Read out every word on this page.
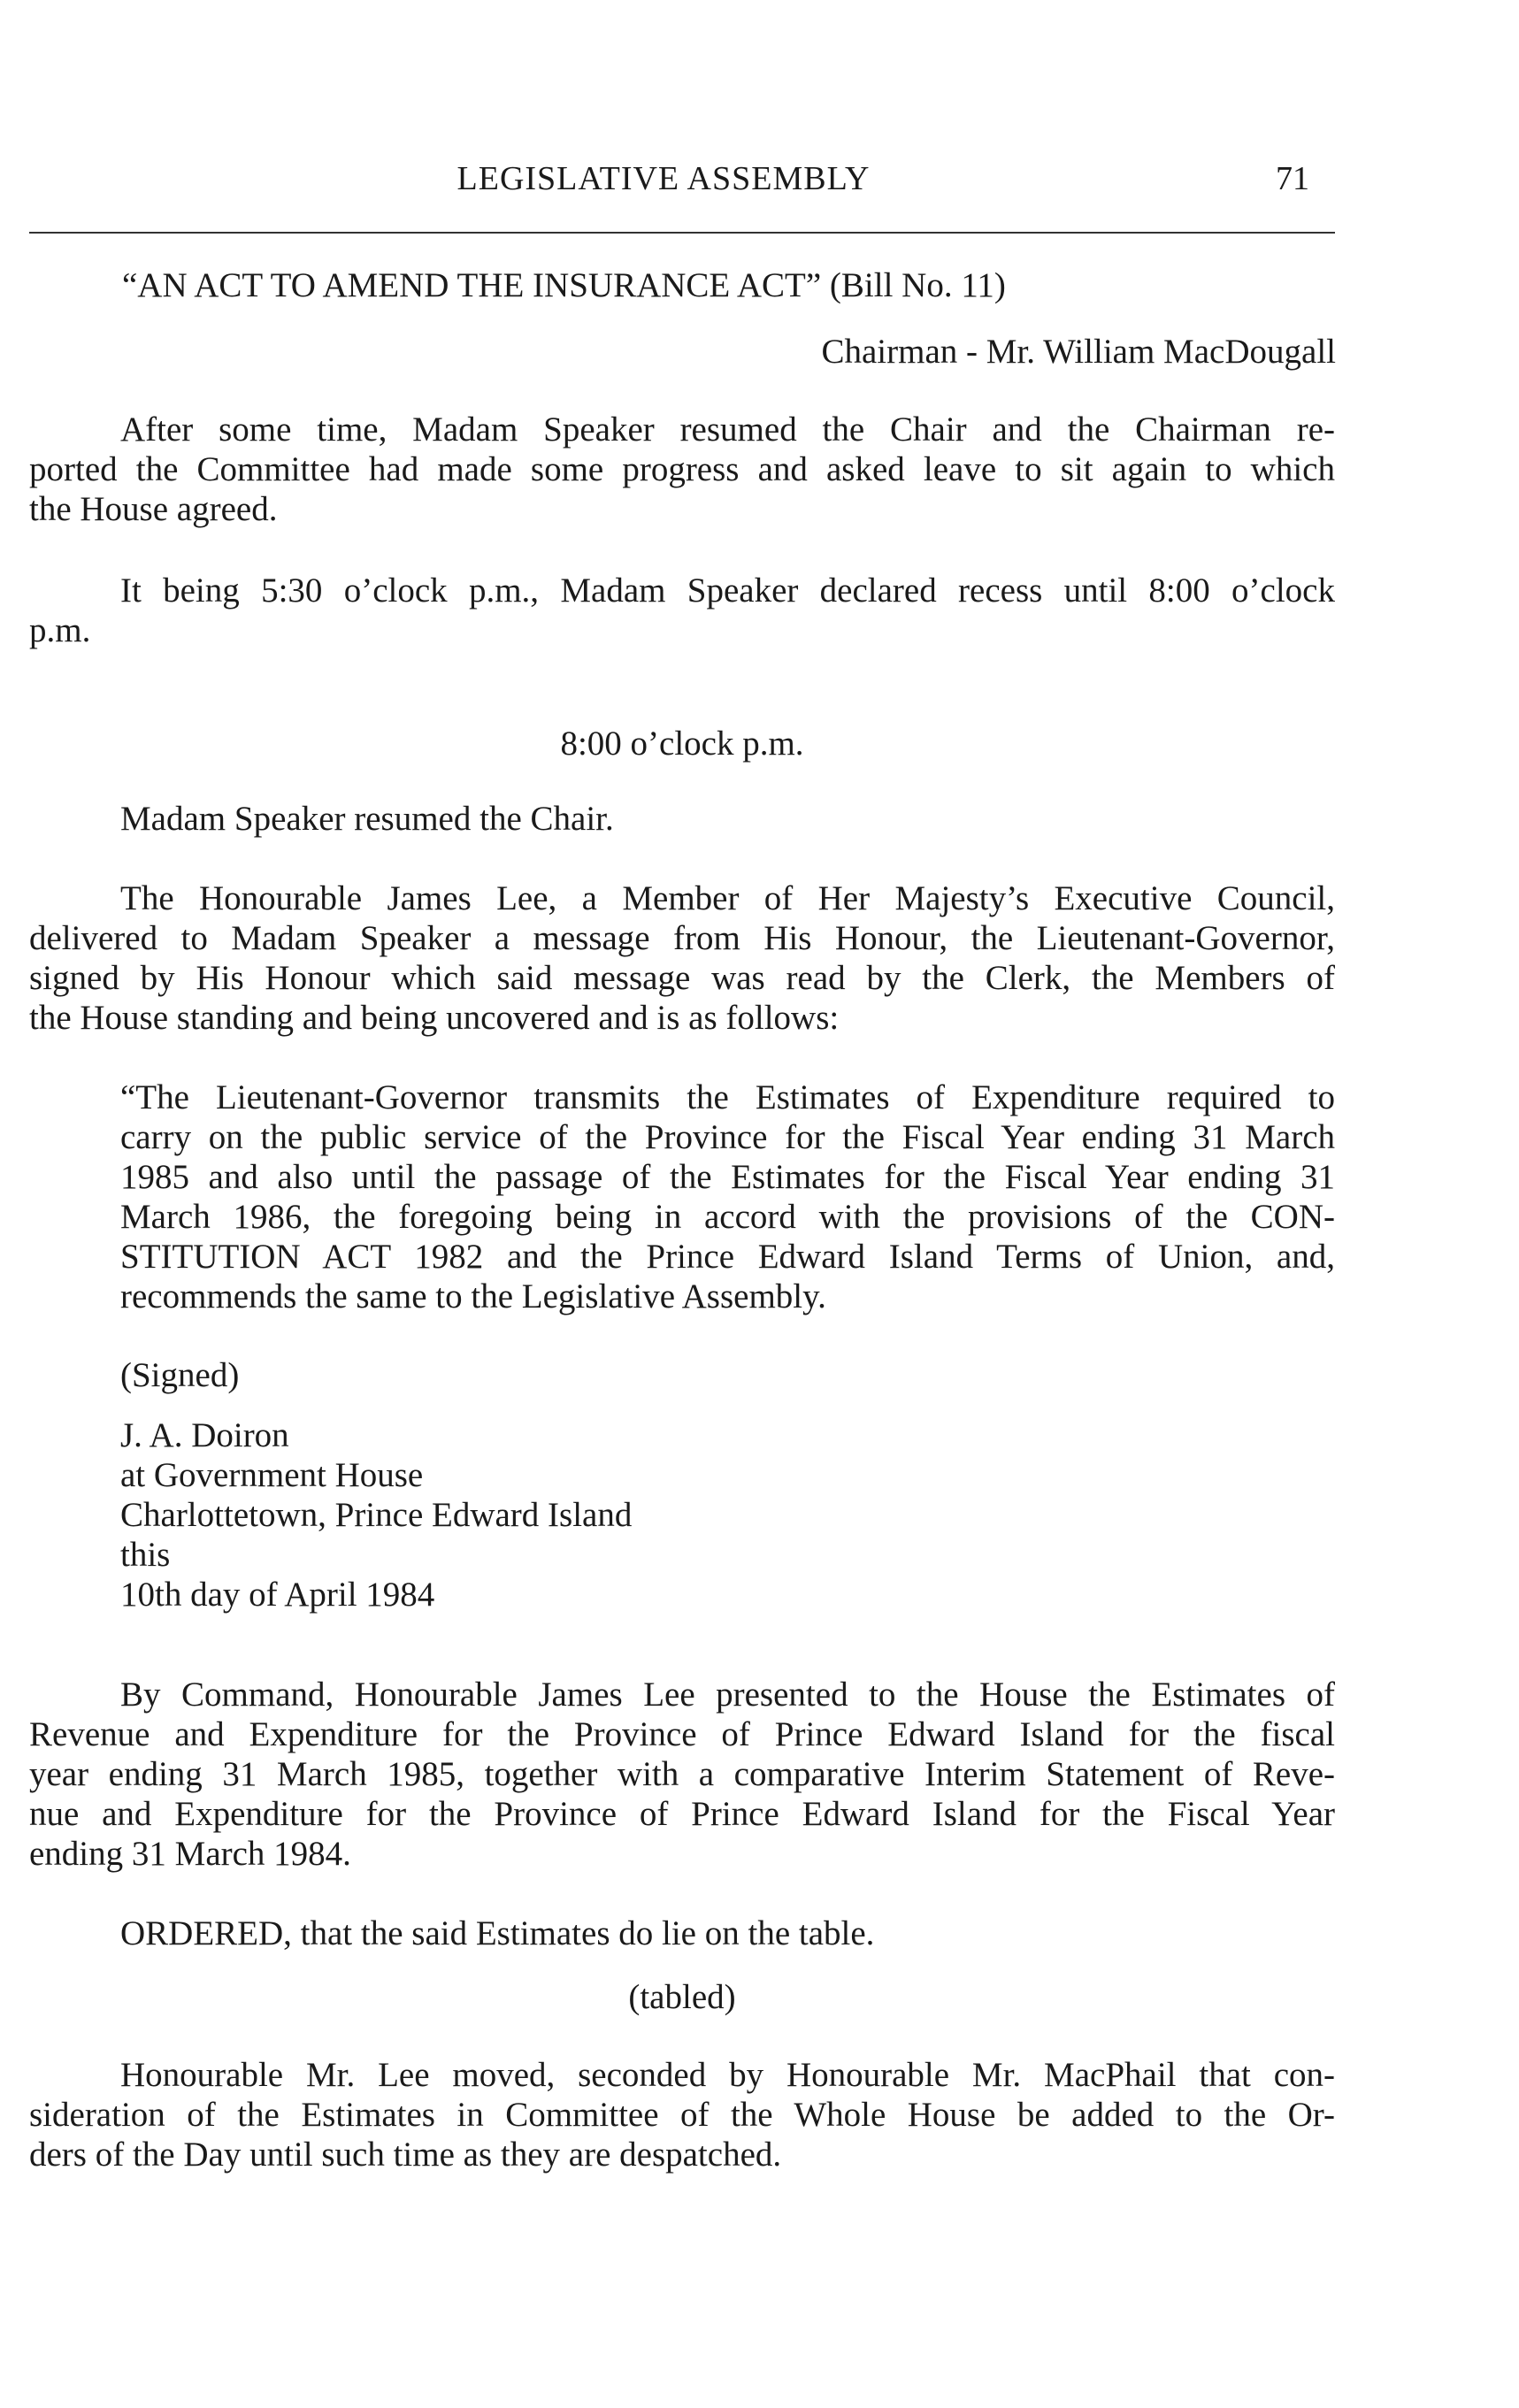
LEGISLATIVE ASSEMBLY	71
“AN ACT TO AMEND THE INSURANCE ACT” (Bill No. 11)
Chairman - Mr. William MacDougall
After some time, Madam Speaker resumed the Chair and the Chairman re-
ported the Committee had made some progress and asked leave to sit again to which
the House agreed.
It being 5:30 o’clock p.m., Madam Speaker declared recess until 8:00 o’clock
p.m.
8:00 o’clock p.m.
Madam Speaker resumed the Chair.
The Honourable James Lee, a Member of Her Majesty’s Executive Council,
delivered to Madam Speaker a message from His Honour, the Lieutenant-Governor,
signed by His Honour which said message was read by the Clerk, the Members of
the House standing and being uncovered and is as follows:
“The Lieutenant-Governor transmits the Estimates of Expenditure required to
carry on the public service of the Province for the Fiscal Year ending 31 March
1985 and also until the passage of the Estimates for the Fiscal Year ending 31
March 1986, the foregoing being in accord with the provisions of the CON-
STITUTION ACT 1982 and the Prince Edward Island Terms of Union, and,
recommends the same to the Legislative Assembly.
(Signed)
J. A. Doiron
at Government House
Charlottetown, Prince Edward Island
this
10th day of April 1984
By Command, Honourable James Lee presented to the House the Estimates of
Revenue and Expenditure for the Province of Prince Edward Island for the fiscal
year ending 31 March 1985, together with a comparative Interim Statement of Reve-
nue and Expenditure for the Province of Prince Edward Island for the Fiscal Year
ending 31 March 1984.
ORDERED, that the said Estimates do lie on the table.
(tabled)
Honourable Mr. Lee moved, seconded by Honourable Mr. MacPhail that con-
sideration of the Estimates in Committee of the Whole House be added to the Or-
ders of the Day until such time as they are despatched.
